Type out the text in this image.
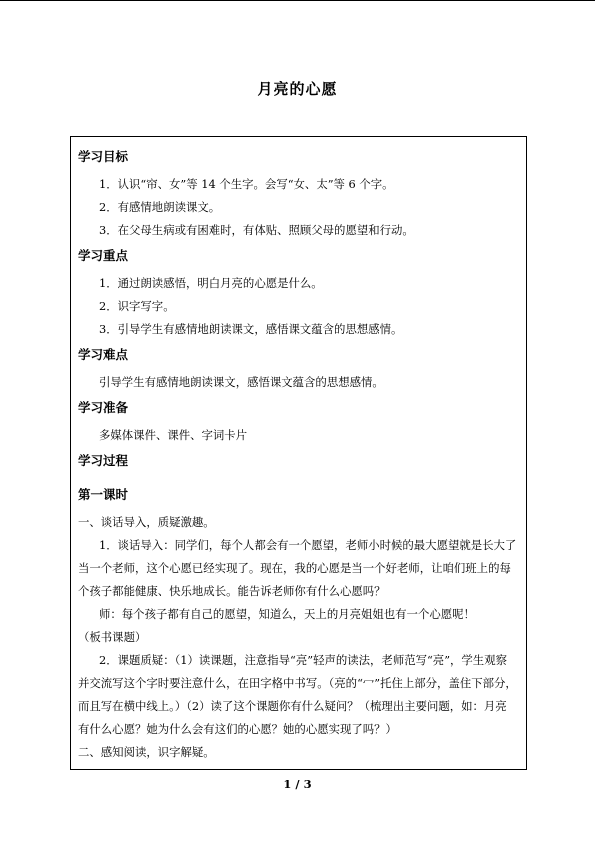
月亮的心愿
学习目标
1．认识“帘、女”等 14 个生字。会写“女、太”等 6 个字。
2．有感情地朗读课文。
3．在父母生病或有困难时，有体贴、照顾父母的愿望和行动。
学习重点
1．通过朗读感悟，明白月亮的心愿是什么。
2．识字写字。
3．引导学生有感情地朗读课文，感悟课文蕴含的思想感情。
学习难点
引导学生有感情地朗读课文，感悟课文蕴含的思想感情。
学习准备
多媒体课件、课件、字词卡片
学习过程
第一课时
一、谈话导入，质疑激趣。
1．谈话导入：同学们，每个人都会有一个愿望，老师小时候的最大愿望就是长大了当一个老师，这个心愿已经实现了。现在，我的心愿是当一个好老师，让咱们班上的每个孩子都能健康、快乐地成长。能告诉老师你有什么心愿吗？
师：每个孩子都有自己的愿望，知道么，天上的月亮姐姐也有一个心愿呢！
（板书课题）
2．课题质疑：（1）读课题，注意指导“亮”轻声的读法，老师范写“亮”，学生观察并交流写这个字时要注意什么，在田字格中书写。（亮的“冖”托住上部分，盖住下部分，而且写在横中线上。）（2）读了这个课题你有什么疑问？（梳理出主要问题，如：月亮有什么心愿？她为什么会有这们的心愿？她的心愿实现了吗？）
二、感知阅读，识字解疑。
1 / 3
